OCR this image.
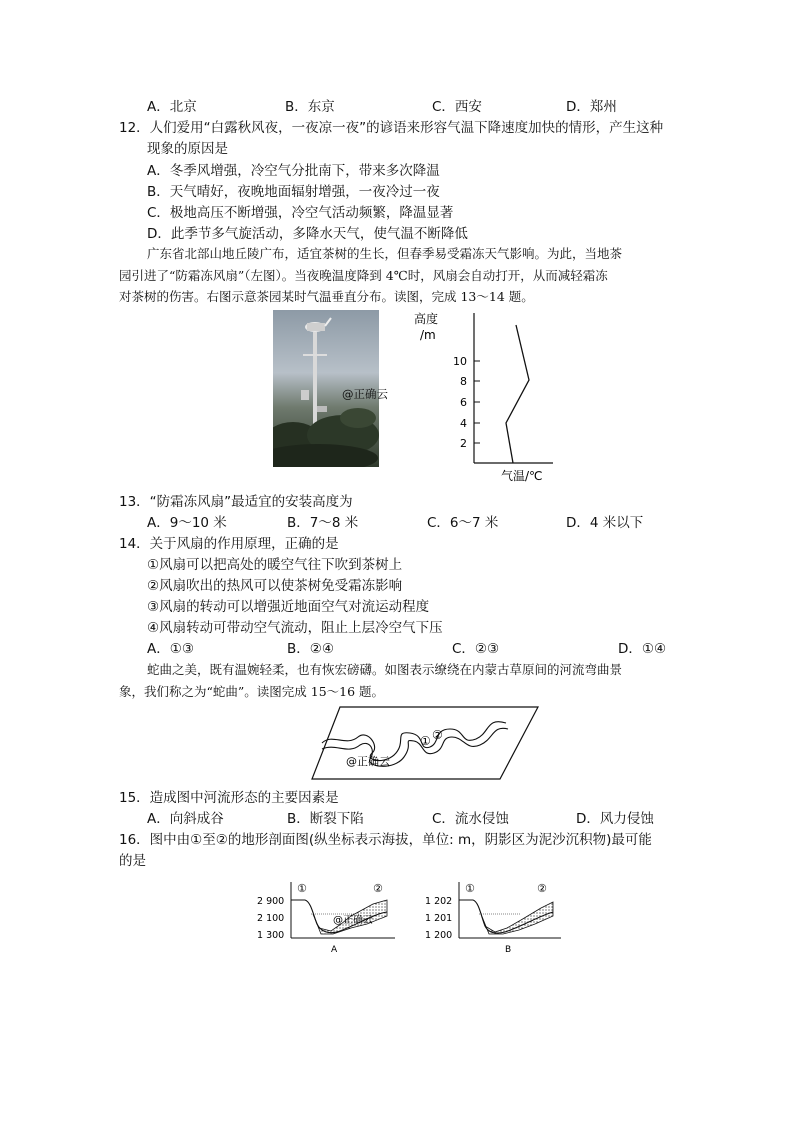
A．北京	B．东京	C．西安	D．郑州
12．人们爱用“白露秋风夜，一夜凉一夜”的谚语来形容气温下降速度加快的情形，产生这种
现象的原因是
A．冬季风增强，冷空气分批南下，带来多次降温
B．天气晴好，夜晚地面辐射增强，一夜冷过一夜
C．极地高压不断增强，冷空气活动频繁，降温显著
D．此季节多气旋活动，多降水天气，使气温不断降低
广东省北部山地丘陵广布，适宜茶树的生长，但春季易受霜冻天气影响。为此，当地茶
园引进了“防霜冻风扇”（左图）。当夜晚温度降到 4℃时，风扇会自动打开，从而减轻霜冻
对茶树的伤害。右图示意茶园某时气温垂直分布。读图，完成 13～14 题。
@正确云
高度
/m
10
8
6
4
2
气温/℃
13．“防霜冻风扇”最适宜的安装高度为
A．9～10 米	B．7～8 米	C．6～7 米	D．4 米以下
14．关于风扇的作用原理，正确的是
①风扇可以把高处的暖空气往下吹到茶树上
②风扇吹出的热风可以使茶树免受霜冻影响
③风扇的转动可以增强近地面空气对流运动程度
④风扇转动可带动空气流动，阻止上层冷空气下压
A．①③	B．②④	C．②③	D．①④
蛇曲之美，既有温婉轻柔，也有恢宏磅礴。如图表示缭绕在内蒙古草原间的河流弯曲景
象，我们称之为“蛇曲”。读图完成 15～16 题。
① ②
@正确云
15．造成图中河流形态的主要因素是
A．向斜成谷	B．断裂下陷	C．流水侵蚀	D．风力侵蚀
16．图中由①至②的地形剖面图(纵坐标表示海拔，单位: m，阴影区为泥沙沉积物)最可能
的是
2 900
2 100
1 300
①	②
A
@正确云
1 202
1 201
1 200
①	②
B
